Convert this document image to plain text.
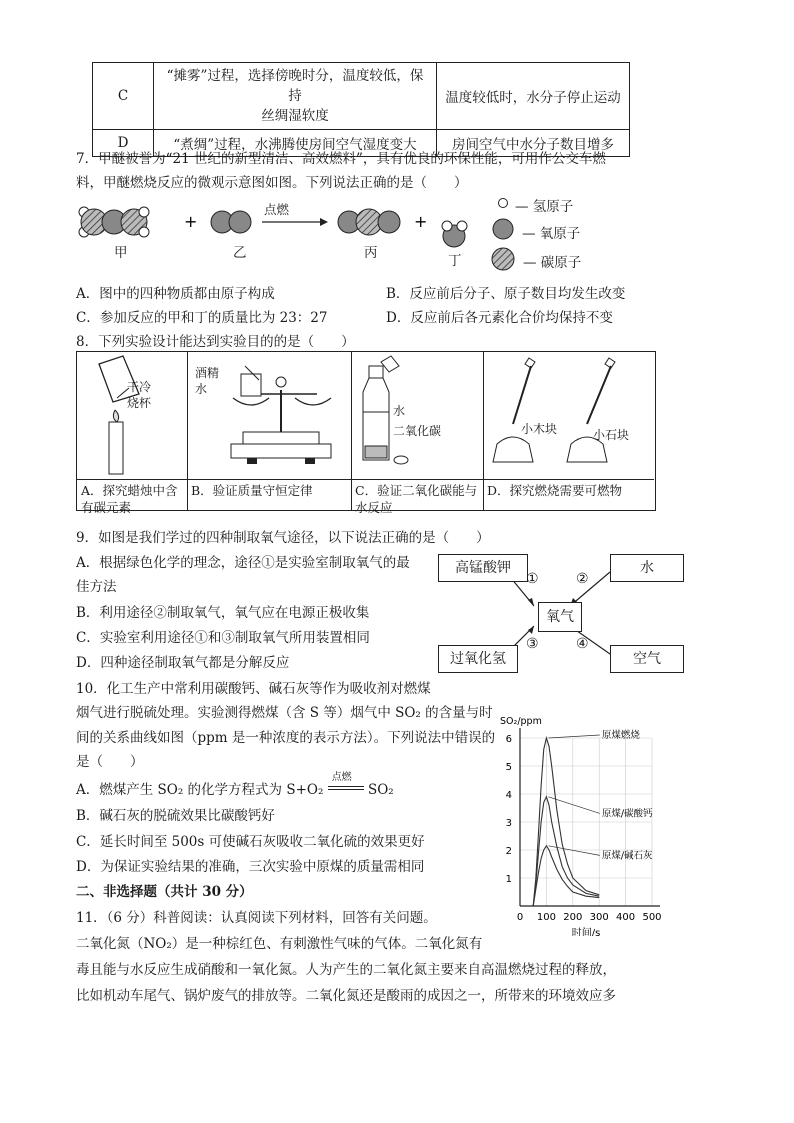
C	“摊雾”过程，选择傍晚时分，温度较低，保持
丝绸湿软度	温度较低时，水分子停止运动
D	“煮绸”过程，水沸腾使房间空气湿度变大	房间空气中水分子数目增多
7．甲醚被誉为“21 世纪的新型清洁、高效燃料”，具有优良的环保性能，可用作公交车燃
料，甲醚燃烧反应的微观示意图如图。下列说法正确的是（　　）
+	+
点燃
甲	乙	丙	丁
— 氢原子
— 氧原子
— 碳原子
A．图中的四种物质都由原子构成	B．反应前后分子、原子数目均发生改变
C．参加反应的甲和丁的质量比为 23：27	D．反应前后各元素化合价均保持不变
8．下列实验设计能达到实验目的的是（　　）
干冷
烧杯
A．探究蜡烛中含有碳元素
酒精
水
B．验证质量守恒定律
水
二氧化碳
C．验证二氧化碳能与水反应
小木块	小石块
D．探究燃烧需要可燃物
9．如图是我们学过的四种制取氧气途径，以下说法正确的是（　　）
A．根据绿色化学的理念，途径①是实验室制取氧气的最
佳方法
B．利用途径②制取氧气，氧气应在电源正极收集
C．实验室利用途径①和③制取氧气所用装置相同
D．四种途径制取氧气都是分解反应
高锰酸钾	水
氧气
过氧化氢	空气
①	②
③	④
10．化工生产中常利用碳酸钙、碱石灰等作为吸收剂对燃煤
烟气进行脱硫处理。实验测得燃煤（含 S 等）烟气中 SO₂ 的含量与时
间的关系曲线如图（ppm 是一种浓度的表示方法）。下列说法中错误的
是（　　）
A．燃煤产生 SO₂ 的化学方程式为 S+O₂
点燃
SO₂
B．碱石灰的脱硫效果比碳酸钙好
C．延长时间至 500s 可使碱石灰吸收二氧化硫的效果更好
D．为保证实验结果的准确，三次实验中原煤的质量需相同
0 100 200 300 400 500
1
2
3
4
5
6
SO₂/ppm
时间/s
原煤燃烧
原煤/碳酸钙
原煤/碱石灰
二、非选择题（共计 30 分）
11．（6 分）科普阅读：认真阅读下列材料，回答有关问题。
二氧化氮（NO₂）是一种棕红色、有刺激性气味的气体。二氧化氮有
毒且能与水反应生成硝酸和一氧化氮。人为产生的二氧化氮主要来自高温燃烧过程的释放，
比如机动车尾气、锅炉废气的排放等。二氧化氮还是酸雨的成因之一，所带来的环境效应多
